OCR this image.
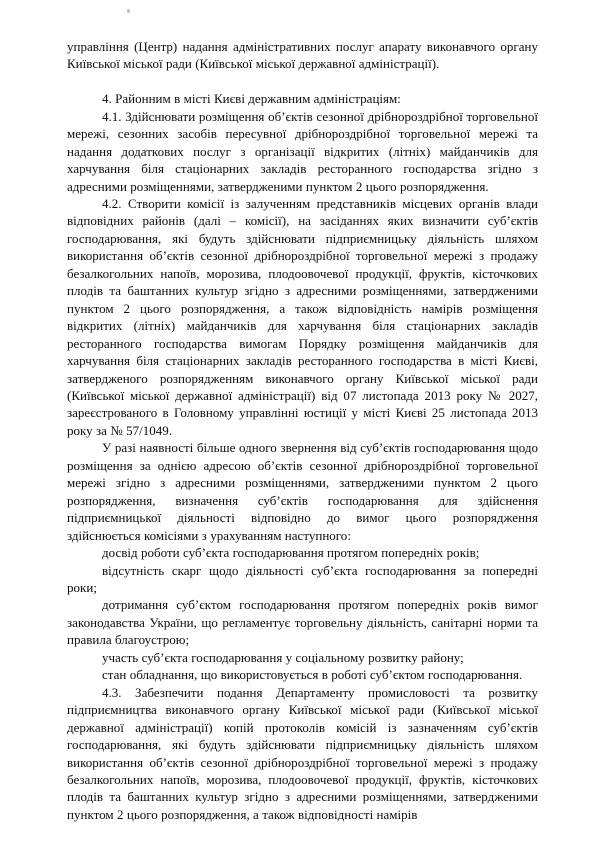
управління (Центр) надання адміністративних послуг апарату виконавчого органу Київської міської ради (Київської міської державної адміністрації).

4. Районним в місті Києві державним адміністраціям:

4.1. Здійснювати розміщення об’єктів сезонної дрібнороздрібної торговельної мережі, сезонних засобів пересувної дрібнороздрібної торговельної мережі та надання додаткових послуг з організації відкритих (літніх) майданчиків для харчування біля стаціонарних закладів ресторанного господарства згідно з адресними розміщеннями, затвердженими пунктом 2 цього розпорядження.

4.2. Створити комісії із залученням представників місцевих органів влади відповідних районів (далі – комісії), на засіданнях яких визначити суб’єктів господарювання, які будуть здійснювати підприємницьку діяльність шляхом використання об’єктів сезонної дрібнороздрібної торговельної мережі з продажу безалкогольних напоїв, морозива, плодоовочевої продукції, фруктів, кісточкових плодів та баштанних культур згідно з адресними розміщеннями, затвердженими пунктом 2 цього розпорядження, а також відповідність намірів розміщення відкритих (літніх) майданчиків для харчування біля стаціонарних закладів ресторанного господарства вимогам Порядку розміщення майданчиків для харчування біля стаціонарних закладів ресторанного господарства в місті Києві, затвердженого розпорядженням виконавчого органу Київської міської ради (Київської міської державної адміністрації) від 07 листопада 2013 року № 2027, зареєстрованого в Головному управлінні юстиції у місті Києві 25 листопада 2013 року за № 57/1049.

У разі наявності більше одного звернення від суб’єктів господарювання щодо розміщення за однією адресою об’єктів сезонної дрібнороздрібної торговельної мережі згідно з адресними розміщеннями, затвердженими пунктом 2 цього розпорядження, визначення суб’єктів господарювання для здійснення підприємницької діяльності відповідно до вимог цього розпорядження здійснюється комісіями з урахуванням наступного:

досвід роботи суб’єкта господарювання протягом попередніх років;

відсутність скарг щодо діяльності суб’єкта господарювання за попередні роки;

дотримання суб’єктом господарювання протягом попередніх років вимог законодавства України, що регламентує торговельну діяльність, санітарні норми та правила благоустрою;

участь суб’єкта господарювання у соціальному розвитку району;

стан обладнання, що використовується в роботі суб’єктом господарювання.

4.3. Забезпечити подання Департаменту промисловості та розвитку підприємництва виконавчого органу Київської міської ради (Київської міської державної адміністрації) копій протоколів комісій із зазначенням суб’єктів господарювання, які будуть здійснювати підприємницьку діяльність шляхом використання об’єктів сезонної дрібнороздрібної торговельної мережі з продажу безалкогольних напоїв, морозива, плодоовочевої продукції, фруктів, кісточкових плодів та баштанних культур згідно з адресними розміщеннями, затвердженими пунктом 2 цього розпорядження, а також відповідності намірів
